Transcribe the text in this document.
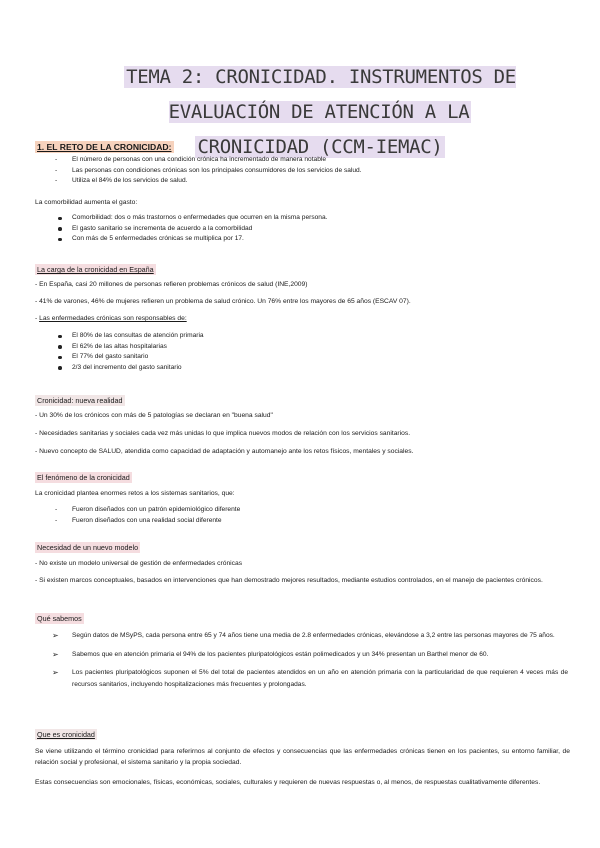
TEMA 2: CRONICIDAD. INSTRUMENTOS DE EVALUACIÓN DE ATENCIÓN A LA
CRONICIDAD (CCM-IEMAC)
1. EL RETO DE LA CRONICIDAD:
- El número de personas con una condición crónica ha incrementado de manera notable
- Las personas con condiciones crónicas son los principales consumidores de los servicios de salud.
- Utiliza el 84% de los servicios de salud.
La comorbilidad aumenta el gasto:
Comorbilidad: dos o más trastornos o enfermedades que ocurren en la misma persona.
El gasto sanitario se incrementa de acuerdo a la comorbilidad
Con más de 5 enfermedades crónicas se multiplica por 17.
La carga de la cronicidad en España
- En España, casi 20 millones de personas refieren problemas crónicos de salud (INE,2009)
- 41% de varones, 46% de mujeres refieren un problema de salud crónico. Un 76% entre los mayores de 65 años (ESCAV 07).
- Las enfermedades crónicas son responsables de:
El 80% de las consultas de atención primaria
El 62% de las altas hospitalarias
El 77% del gasto sanitario
2/3 del incremento del gasto sanitario
Cronicidad: nueva realidad
- Un 30% de los crónicos con más de 5 patologías se declaran en "buena salud"
- Necesidades sanitarias y sociales cada vez más unidas lo que implica nuevos modos de relación con los servicios sanitarios.
- Nuevo concepto de SALUD, atendida como capacidad de adaptación y automanejo ante los retos físicos, mentales y sociales.
El fenómeno de la cronicidad
La cronicidad plantea enormes retos a los sistemas sanitarios, que:
- Fueron diseñados con un patrón epidemiológico diferente
- Fueron diseñados con una realidad social diferente
Necesidad de un nuevo modelo
- No existe un modelo universal de gestión de enfermedades crónicas
- Si existen marcos conceptuales, basados en intervenciones que han demostrado mejores resultados, mediante estudios controlados, en el manejo de pacientes crónicos.
Qué sabemos
➢ Según datos de MSyPS, cada persona entre 65 y 74 años tiene una media de 2.8 enfermedades crónicas, elevándose a 3,2 entre las personas mayores de 75 años.
➢ Sabemos que en atención primaria el 94% de los pacientes pluripatológicos están polimedicados y un 34% presentan un Barthel menor de 60.
➢ Los pacientes pluripatológicos suponen el 5% del total de pacientes atendidos en un año en atención primaria con la particularidad de que requieren 4 veces más de recursos sanitarios, incluyendo hospitalizaciones más frecuentes y prolongadas.
Que es cronicidad
Se viene utilizando el término cronicidad para referirnos al conjunto de efectos y consecuencias que las enfermedades crónicas tienen en los pacientes, su entorno familiar, de relación social y profesional, el sistema sanitario y la propia sociedad.
Estas consecuencias son emocionales, físicas, económicas, sociales, culturales y requieren de nuevas respuestas o, al menos, de respuestas cualitativamente diferentes.
